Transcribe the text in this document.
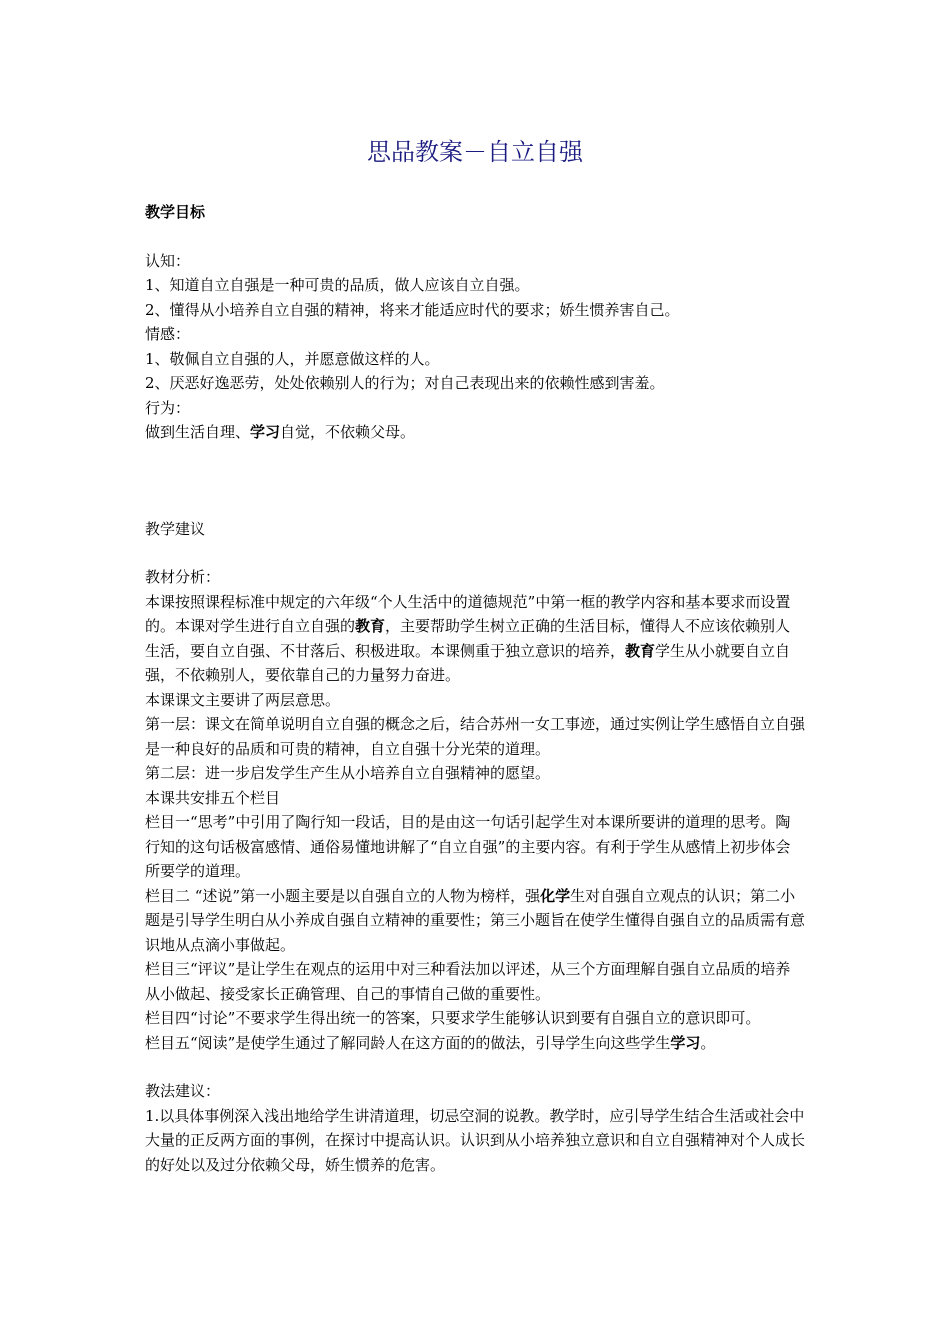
思品教案－自立自强

教学目标

认知：

1、知道自立自强是一种可贵的品质，做人应该自立自强。

2、懂得从小培养自立自强的精神，将来才能适应时代的要求；娇生惯养害自己。

情感：

1、敬佩自立自强的人，并愿意做这样的人。

2、厌恶好逸恶劳，处处依赖别人的行为；对自己表现出来的依赖性感到害羞。

行为：

做到生活自理、学习自觉，不依赖父母。

教学建议

教材分析：

本课按照课程标准中规定的六年级“个人生活中的道德规范”中第一框的教学内容和基本要求而设置的。本课对学生进行自立自强的教育，主要帮助学生树立正确的生活目标，懂得人不应该依赖别人生活，要自立自强、不甘落后、积极进取。本课侧重于独立意识的培养，教育学生从小就要自立自强，不依赖别人，要依靠自己的力量努力奋进。

本课课文主要讲了两层意思。

第一层：课文在简单说明自立自强的概念之后，结合苏州一女工事迹，通过实例让学生感悟自立自强是一种良好的品质和可贵的精神，自立自强十分光荣的道理。

第二层：进一步启发学生产生从小培养自立自强精神的愿望。

本课共安排五个栏目

栏目一“思考”中引用了陶行知一段话，目的是由这一句话引起学生对本课所要讲的道理的思考。陶行知的这句话极富感情、通俗易懂地讲解了“自立自强”的主要内容。有利于学生从感情上初步体会所要学的道理。

栏目二 “述说”第一小题主要是以自强自立的人物为榜样，强化学生对自强自立观点的认识；第二小题是引导学生明白从小养成自强自立精神的重要性；第三小题旨在使学生懂得自强自立的品质需有意识地从点滴小事做起。

栏目三“评议”是让学生在观点的运用中对三种看法加以评述，从三个方面理解自强自立品质的培养从小做起、接受家长正确管理、自己的事情自己做的重要性。

栏目四“讨论”不要求学生得出统一的答案，只要求学生能够认识到要有自强自立的意识即可。

栏目五“阅读”是使学生通过了解同龄人在这方面的的做法，引导学生向这些学生学习。

教法建议：

1.以具体事例深入浅出地给学生讲清道理，切忌空洞的说教。教学时，应引导学生结合生活或社会中大量的正反两方面的事例，在探讨中提高认识。认识到从小培养独立意识和自立自强精神对个人成长的好处以及过分依赖父母，娇生惯养的危害。
